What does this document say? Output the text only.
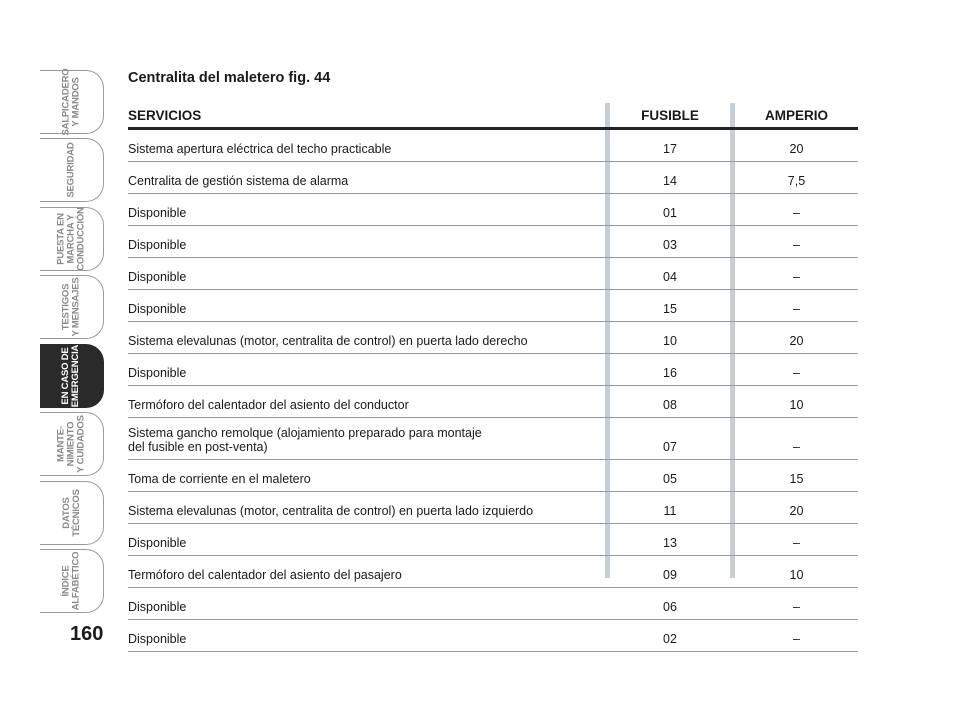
SALPICADERO
Y MANDOS
SEGURIDAD
PUESTA EN
MARCHA Y
CONDUCCIÓN
TESTIGOS
Y MENSAJES
EN CASO DE
EMERGENCIA
MANTE-
NIMIENTO
Y CUIDADOS
DATOS
TÉCNICOS
ÍNDICE
ALFABÉTICO
160
Centralita del maletero fig. 44
SERVICIOS	FUSIBLE	AMPERIO
Sistema apertura eléctrica del techo practicable	17	20
Centralita de gestión sistema de alarma	14	7,5
Disponible	01	–
Disponible	03	–
Disponible	04	–
Disponible	15	–
Sistema elevalunas (motor, centralita de control) en puerta lado derecho	10	20
Disponible	16	–
Termóforo del calentador del asiento del conductor	08	10
Sistema gancho remolque (alojamiento preparado para montaje
del fusible en post-venta)	07	–
Toma de corriente en el maletero	05	15
Sistema elevalunas (motor, centralita de control) en puerta lado izquierdo	11	20
Disponible	13	–
Termóforo del calentador del asiento del pasajero	09	10
Disponible	06	–
Disponible	02	–
